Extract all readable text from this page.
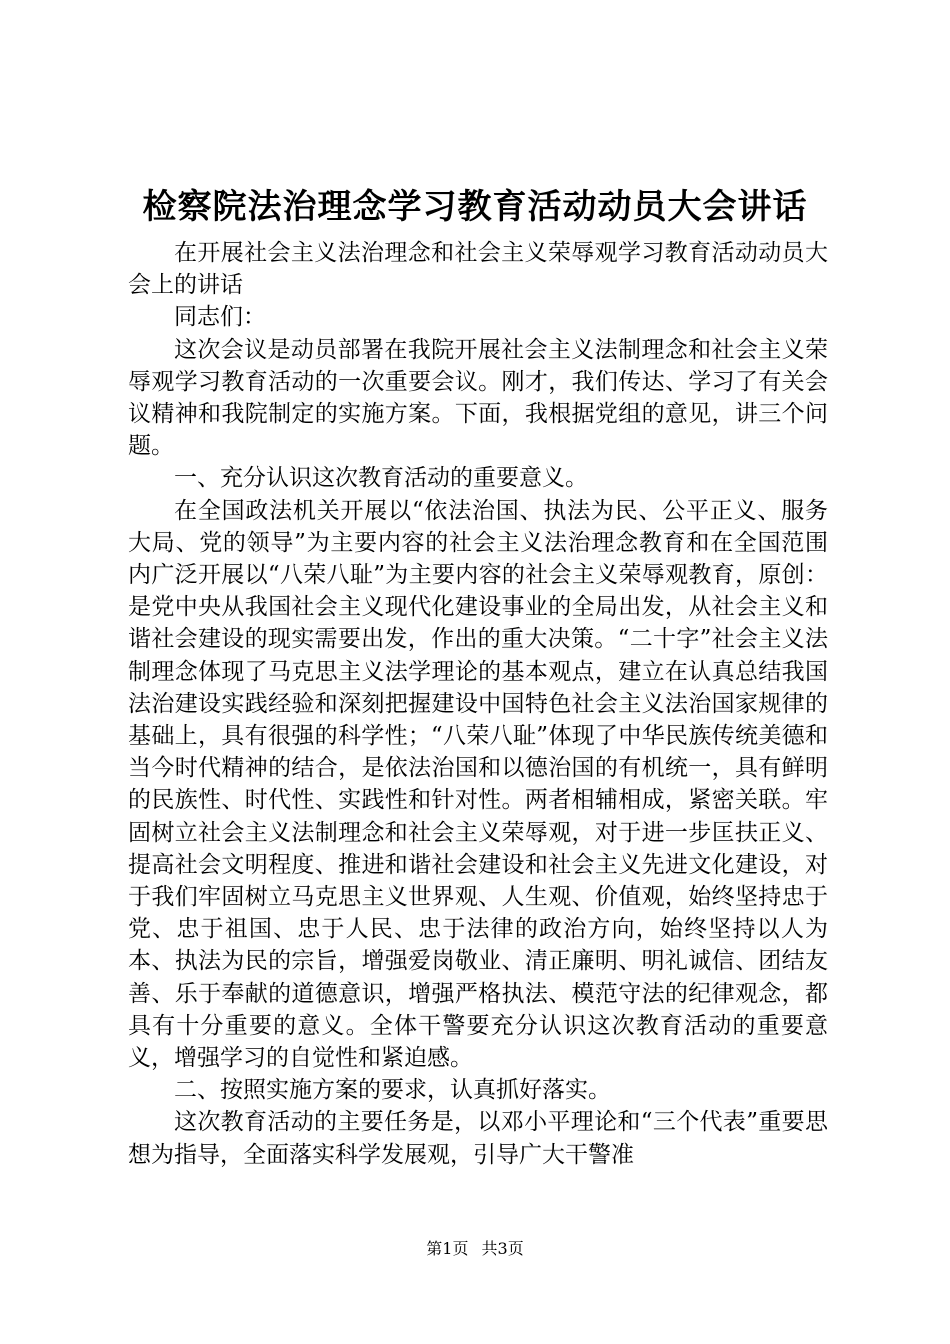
检察院法治理念学习教育活动动员大会讲话

在开展社会主义法治理念和社会主义荣辱观学习教育活动动员大会上的讲话

同志们：

这次会议是动员部署在我院开展社会主义法制理念和社会主义荣辱观学习教育活动的一次重要会议。刚才，我们传达、学习了有关会议精神和我院制定的实施方案。下面，我根据党组的意见，讲三个问题。

一、充分认识这次教育活动的重要意义。

在全国政法机关开展以“依法治国、执法为民、公平正义、服务大局、党的领导”为主要内容的社会主义法治理念教育和在全国范围内广泛开展以“八荣八耻”为主要内容的社会主义荣辱观教育，原创：是党中央从我国社会主义现代化建设事业的全局出发，从社会主义和谐社会建设的现实需要出发，作出的重大决策。“二十字”社会主义法制理念体现了马克思主义法学理论的基本观点，建立在认真总结我国法治建设实践经验和深刻把握建设中国特色社会主义法治国家规律的基础上，具有很强的科学性；“八荣八耻”体现了中华民族传统美德和当今时代精神的结合，是依法治国和以德治国的有机统一，具有鲜明的民族性、时代性、实践性和针对性。两者相辅相成，紧密关联。牢固树立社会主义法制理念和社会主义荣辱观，对于进一步匡扶正义、提高社会文明程度、推进和谐社会建设和社会主义先进文化建设，对于我们牢固树立马克思主义世界观、人生观、价值观，始终坚持忠于党、忠于祖国、忠于人民、忠于法律的政治方向，始终坚持以人为本、执法为民的宗旨，增强爱岗敬业、清正廉明、明礼诚信、团结友善、乐于奉献的道德意识，增强严格执法、模范守法的纪律观念，都具有十分重要的意义。全体干警要充分认识这次教育活动的重要意义，增强学习的自觉性和紧迫感。

二、按照实施方案的要求，认真抓好落实。

这次教育活动的主要任务是，以邓小平理论和“三个代表”重要思想为指导，全面落实科学发展观，引导广大干警准

第1页 共3页
